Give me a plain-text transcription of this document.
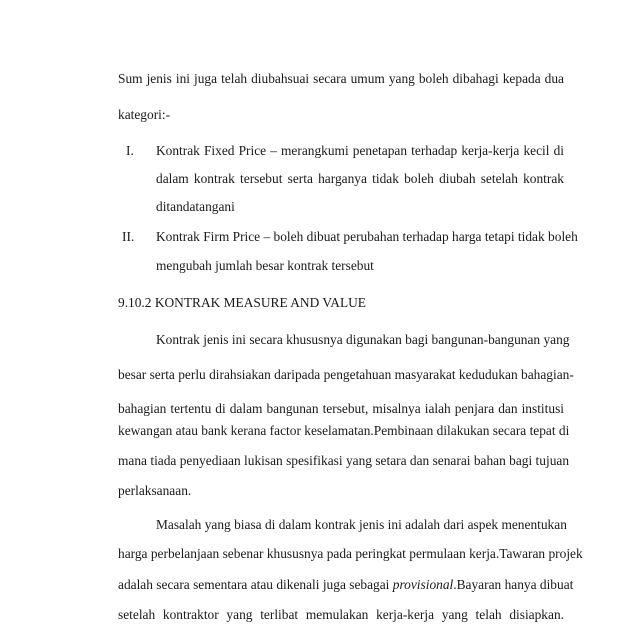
Sum jenis ini juga telah diubahsuai secara umum yang boleh dibahagi kepada dua
kategori:-
I. Kontrak Fixed Price – merangkumi penetapan terhadap kerja-kerja kecil di
dalam kontrak tersebut serta harganya tidak boleh diubah setelah kontrak
ditandatangani
II. Kontrak Firm Price – boleh dibuat perubahan terhadap harga tetapi tidak boleh
mengubah jumlah besar kontrak tersebut
9.10.2 KONTRAK MEASURE AND VALUE
Kontrak jenis ini secara khususnya digunakan bagi bangunan-bangunan yang
besar serta perlu dirahsiakan daripada pengetahuan masyarakat kedudukan bahagian-
bahagian tertentu di dalam bangunan tersebut, misalnya ialah penjara dan institusi
kewangan atau bank kerana factor keselamatan.Pembinaan dilakukan secara tepat di
mana tiada penyediaan lukisan spesifikasi yang setara dan senarai bahan bagi tujuan
perlaksanaan.
Masalah yang biasa di dalam kontrak jenis ini adalah dari aspek menentukan
harga perbelanjaan sebenar khususnya pada peringkat permulaan kerja.Tawaran projek
adalah secara sementara atau dikenali juga sebagai provisional.Bayaran hanya dibuat
setelah kontraktor yang terlibat memulakan kerja-kerja yang telah disiapkan.
